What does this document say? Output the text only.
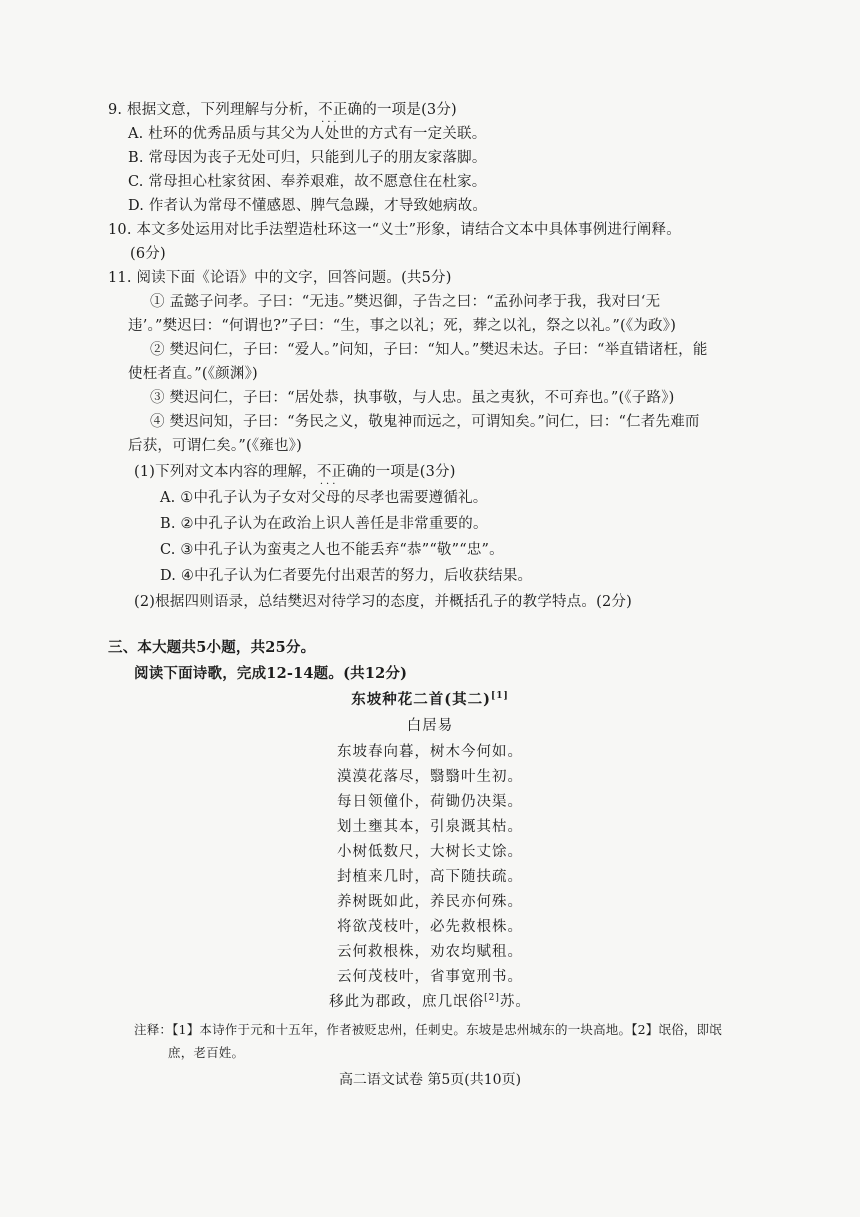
9. 根据文意，下列理解与分析，不正确 ···的一项是(3分)
A. 杜环的优秀品质与其父为人处世的方式有一定关联。
B. 常母因为丧子无处可归，只能到儿子的朋友家落脚。
C. 常母担心杜家贫困、奉养艰难，故不愿意住在杜家。
D. 作者认为常母不懂感恩、脾气急躁，才导致她病故。
10. 本文多处运用对比手法塑造杜环这一“义士”形象，请结合文本中具体事例进行阐释。
(6分)
11. 阅读下面《论语》中的文字，回答问题。(共5分)
① 孟懿子问孝。子曰：“无违。”樊迟御，子告之曰：“孟孙问孝于我，我对曰‘无
违’。”樊迟曰：“何谓也?”子曰：“生，事之以礼；死，葬之以礼，祭之以礼。”(《为政》)
② 樊迟问仁，子曰：“爱人。”问知，子曰：“知人。”樊迟未达。子曰：“举直错诸枉，能
使枉者直。”(《颜渊》)
③ 樊迟问仁，子曰：“居处恭，执事敬，与人忠。虽之夷狄，不可弃也。”(《子路》)
④ 樊迟问知，子曰：“务民之义，敬鬼神而远之，可谓知矣。”问仁，曰：“仁者先难而
后获，可谓仁矣。”(《雍也》)
(1)下列对文本内容的理解，不正确 ···的一项是(3分)
A. ①中孔子认为子女对父母的尽孝也需要遵循礼。
B. ②中孔子认为在政治上识人善任是非常重要的。
C. ③中孔子认为蛮夷之人也不能丢弃“恭”“敬”“忠”。
D. ④中孔子认为仁者要先付出艰苦的努力，后收获结果。
(2)根据四则语录，总结樊迟对待学习的态度，并概括孔子的教学特点。(2分)
三、本大题共5小题，共25分。
阅读下面诗歌，完成12-14题。(共12分)
东坡种花二首(其二)[1]
白居易
东坡春向暮，树木今何如。
漠漠花落尽，翳翳叶生初。
每日领僮仆，荷锄仍决渠。
划土壅其本，引泉溉其枯。
小树低数尺，大树长丈馀。
封植来几时，高下随扶疏。
养树既如此，养民亦何殊。
将欲茂枝叶，必先救根株。
云何救根株，劝农均赋租。
云何茂枝叶，省事宽刑书。
移此为郡政，庶几氓俗[2]苏。
注释：【1】本诗作于元和十五年，作者被贬忠州，任刺史。东坡是忠州城东的一块高地。【2】氓俗，即氓
庶，老百姓。
高二语文试卷 第5页(共10页)
